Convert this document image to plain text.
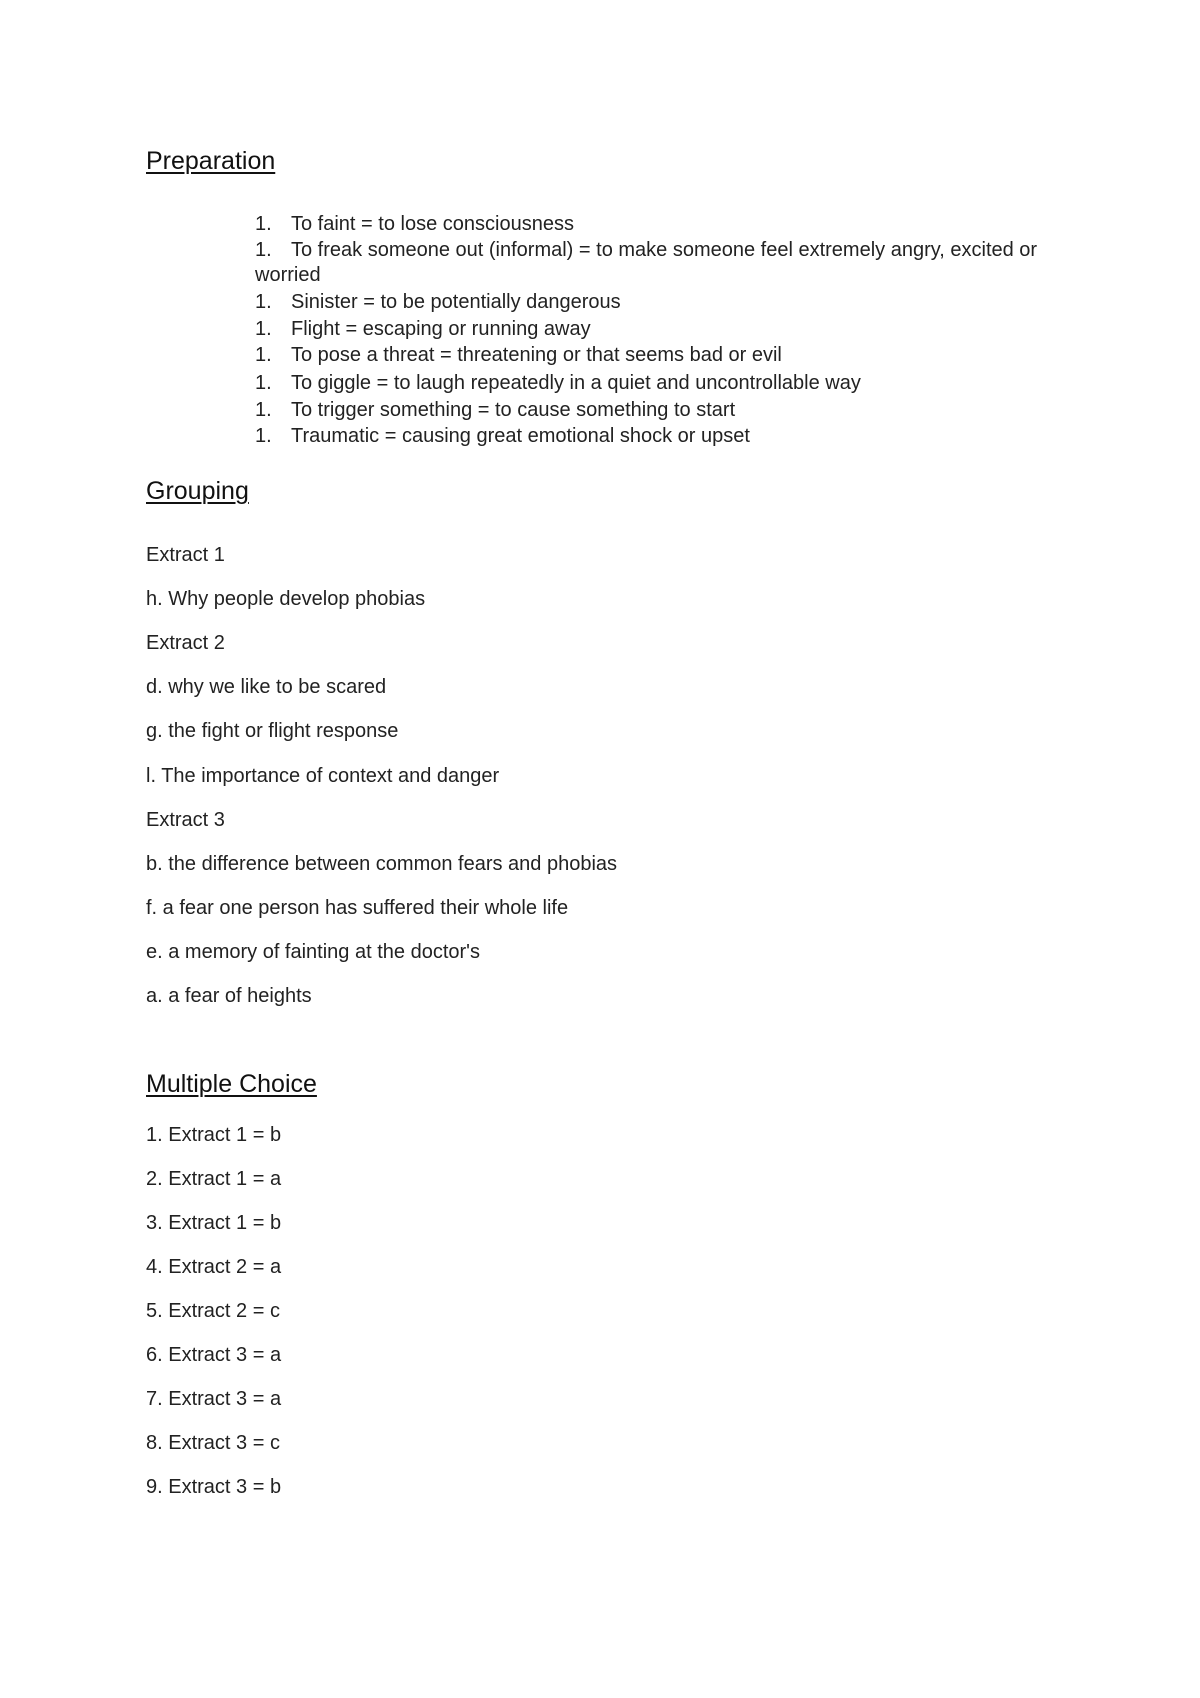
Preparation
1. To faint = to lose consciousness
1. To freak someone out (informal) = to make someone feel extremely angry, excited or worried
1. Sinister = to be potentially dangerous
1. Flight = escaping or running away
1. To pose a threat = threatening or that seems bad or evil
1. To giggle = to laugh repeatedly in a quiet and uncontrollable way
1. To trigger something = to cause something to start
1. Traumatic = causing great emotional shock or upset
Grouping
Extract 1
h. Why people develop phobias
Extract 2
d. why we like to be scared
g. the fight or flight response
l. The importance of context and danger
Extract 3
b. the difference between common fears and phobias
f. a fear one person has suffered their whole life
e. a memory of fainting at the doctor's
a. a fear of heights
Multiple Choice
1. Extract 1 = b
2. Extract 1 = a
3. Extract 1 = b
4. Extract 2 = a
5. Extract 2 = c
6. Extract 3 = a
7. Extract 3 = a
8. Extract 3 = c
9. Extract 3 = b
